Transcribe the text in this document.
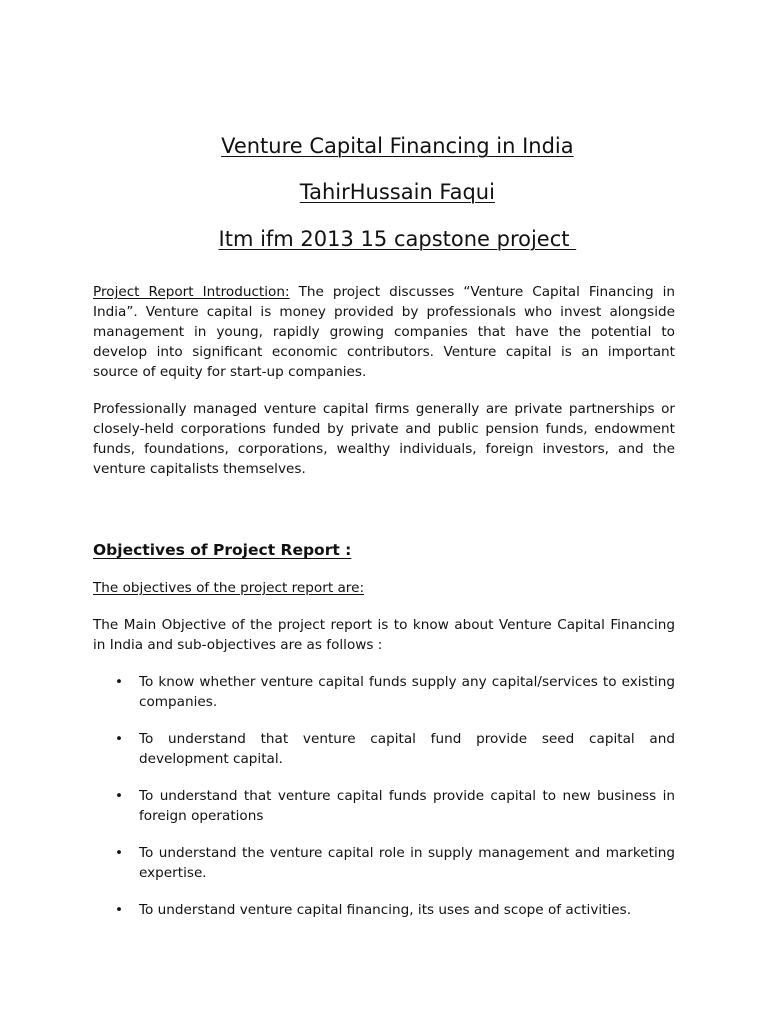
Venture Capital Financing in India

TahirHussain Faqui

Itm ifm 2013 15 capstone project

Project Report Introduction: The project discusses “Venture Capital Financing in India”. Venture capital is money provided by professionals who invest alongside management in young, rapidly growing companies that have the potential to develop into significant economic contributors. Venture capital is an important source of equity for start-up companies.

Professionally managed venture capital firms generally are private partnerships or closely-held corporations funded by private and public pension funds, endowment funds, foundations, corporations, wealthy individuals, foreign investors, and the venture capitalists themselves.

Objectives of Project Report :
The objectives of the project report are:

The Main Objective of the project report is to know about Venture Capital Financing in India and sub-objectives are as follows :

• To know whether venture capital funds supply any capital/services to existing companies.
• To understand that venture capital fund provide seed capital and development capital.
• To understand that venture capital funds provide capital to new business in foreign operations
• To understand the venture capital role in supply management and marketing expertise.
• To understand venture capital financing, its uses and scope of activities.
